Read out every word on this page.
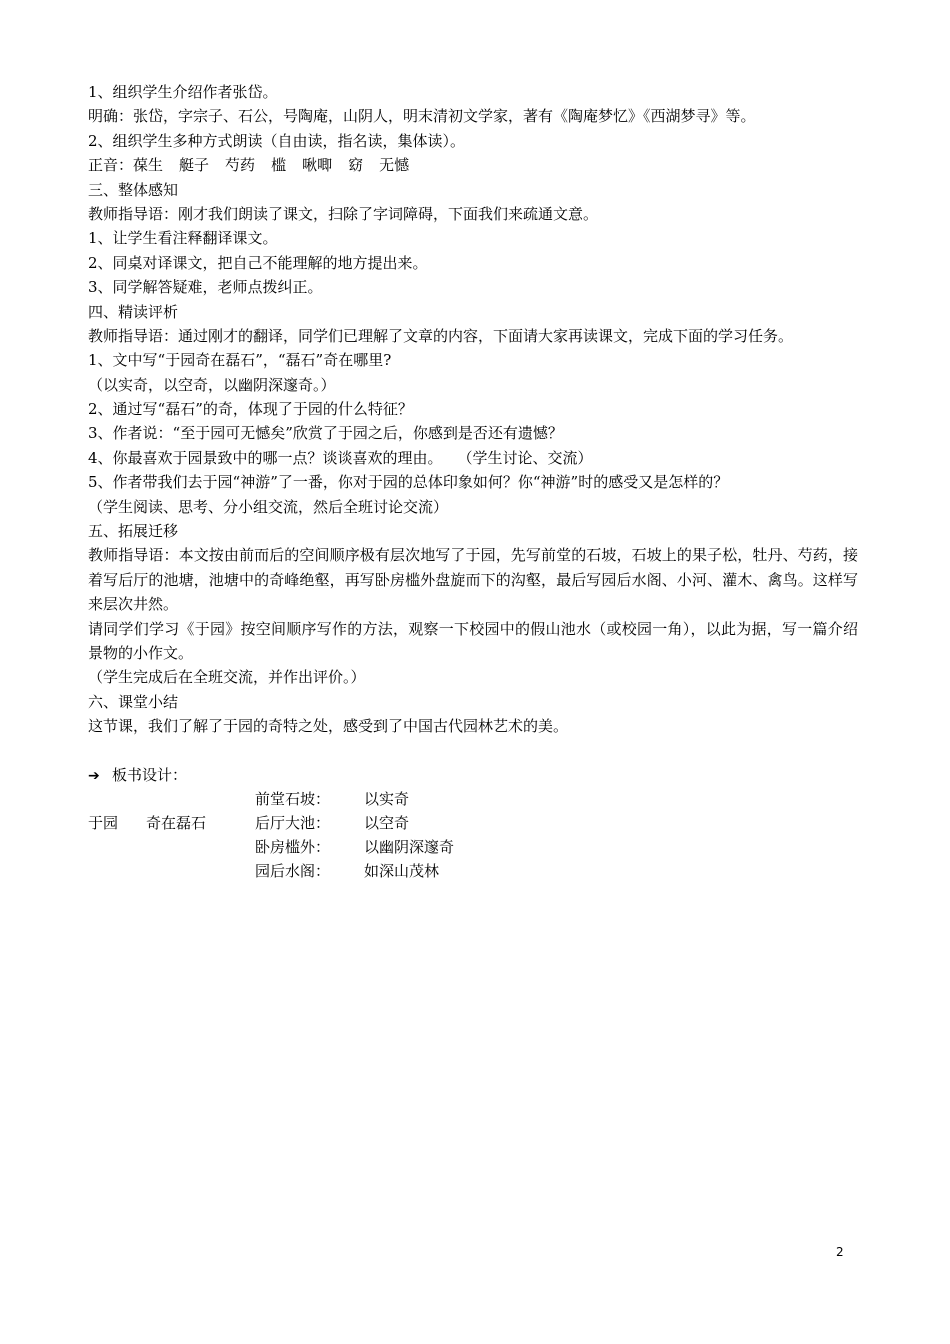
1、组织学生介绍作者张岱。
明确：张岱，字宗子、石公，号陶庵，山阴人，明末清初文学家，著有《陶庵梦忆》《西湖梦寻》等。
2、组织学生多种方式朗读（自由读，指名读，集体读）。
正音：葆生 艇子 芍药 槛 啾唧 窈 无憾
三、整体感知
教师指导语：刚才我们朗读了课文，扫除了字词障碍，下面我们来疏通文意。
1、让学生看注释翻译课文。
2、同桌对译课文，把自己不能理解的地方提出来。
3、同学解答疑难，老师点拨纠正。
四、精读评析
教师指导语：通过刚才的翻译，同学们已理解了文章的内容，下面请大家再读课文，完成下面的学习任务。
1、文中写“于园奇在磊石”，“磊石”奇在哪里?
（以实奇，以空奇，以幽阴深邃奇。）
2、通过写“磊石”的奇，体现了于园的什么特征？
3、作者说：“至于园可无憾矣”欣赏了于园之后，你感到是否还有遗憾？
4、你最喜欢于园景致中的哪一点？谈谈喜欢的理由。　　（学生讨论、交流）
5、作者带我们去于园“神游”了一番，你对于园的总体印象如何？你“神游”时的感受又是怎样的？
（学生阅读、思考、分小组交流，然后全班讨论交流）
五、拓展迁移
教师指导语：本文按由前而后的空间顺序极有层次地写了于园，先写前堂的石坡，石坡上的果子松，牡丹、芍药，接着写后厅的池塘，池塘中的奇峰绝壑，再写卧房槛外盘旋而下的沟壑，最后写园后水阁、小河、灌木、禽鸟。这样写来层次井然。
请同学们学习《于园》按空间顺序写作的方法，观察一下校园中的假山池水（或校园一角），以此为据，写一篇介绍景物的小作文。
（学生完成后在全班交流，并作出评价。）
六、课堂小结
这节课，我们了解了于园的奇特之处，感受到了中国古代园林艺术的美。
➔ 板书设计：
前堂石坡： 以实奇
于园 奇在磊石	后厅大池： 以空奇
卧房槛外： 以幽阴深邃奇
园后水阁： 如深山茂林
2
